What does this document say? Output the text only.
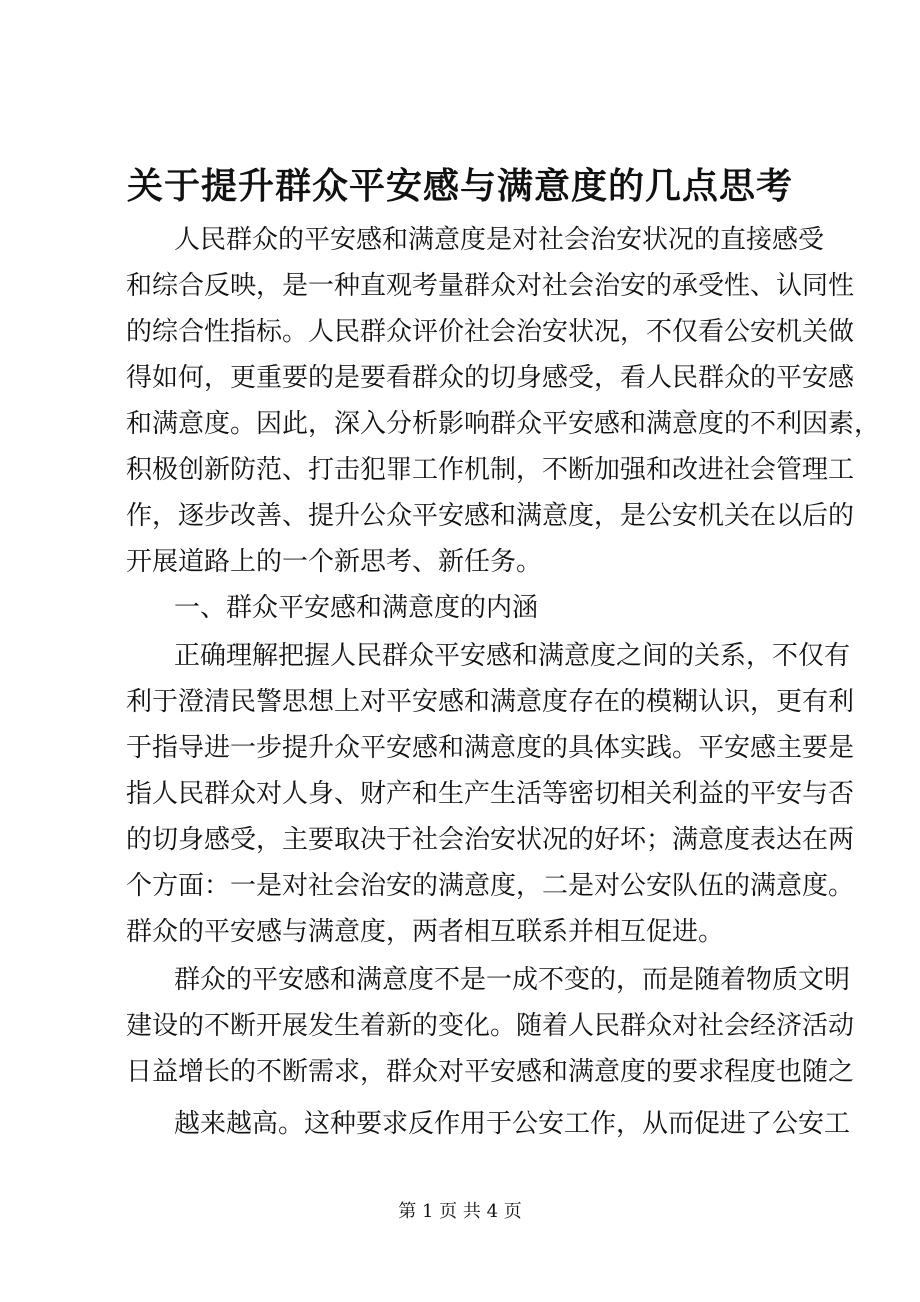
关于提升群众平安感与满意度的几点思考

人民群众的平安感和满意度是对社会治安状况的直接感受

和综合反映，是一种直观考量群众对社会治安的承受性、认同性

的综合性指标。人民群众评价社会治安状况，不仅看公安机关做

得如何，更重要的是要看群众的切身感受，看人民群众的平安感

和满意度。因此，深入分析影响群众平安感和满意度的不利因素，

积极创新防范、打击犯罪工作机制，不断加强和改进社会管理工

作，逐步改善、提升公众平安感和满意度，是公安机关在以后的

开展道路上的一个新思考、新任务。

一、群众平安感和满意度的内涵

正确理解把握人民群众平安感和满意度之间的关系，不仅有

利于澄清民警思想上对平安感和满意度存在的模糊认识，更有利

于指导进一步提升众平安感和满意度的具体实践。平安感主要是

指人民群众对人身、财产和生产生活等密切相关利益的平安与否

的切身感受，主要取决于社会治安状况的好坏；满意度表达在两

个方面：一是对社会治安的满意度，二是对公安队伍的满意度。

群众的平安感与满意度，两者相互联系并相互促进。

群众的平安感和满意度不是一成不变的，而是随着物质文明

建设的不断开展发生着新的变化。随着人民群众对社会经济活动

日益增长的不断需求，群众对平安感和满意度的要求程度也随之

越来越高。这种要求反作用于公安工作，从而促进了公安工

第 1 页 共 4 页
